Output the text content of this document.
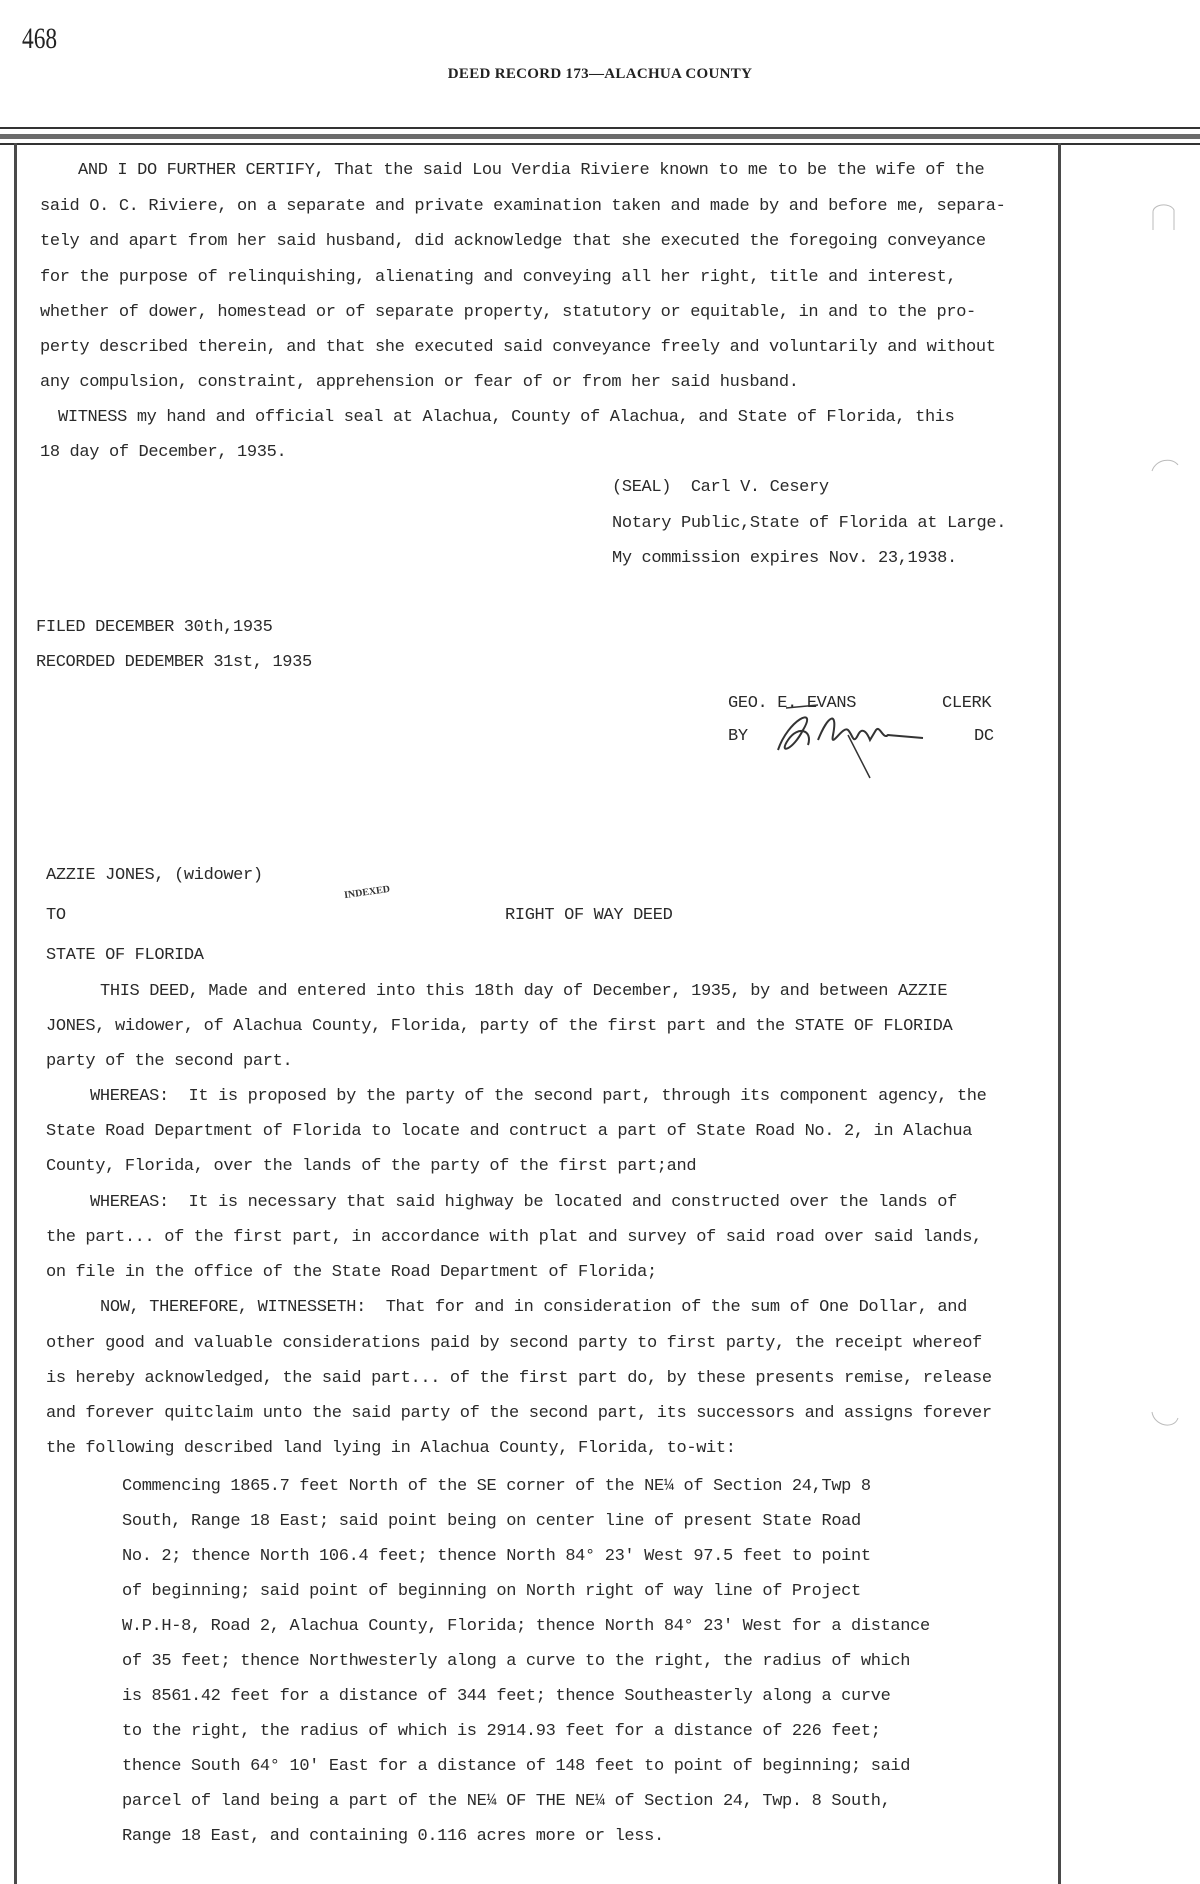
468
DEED RECORD 173—ALACHUA COUNTY
AND I DO FURTHER CERTIFY, That the said Lou Verdia Riviere known to me to be the wife of the
said O. C. Riviere, on a separate and private examination taken and made by and before me, separa-
tely and apart from her said husband, did acknowledge that she executed the foregoing conveyance
for the purpose of relinquishing, alienating and conveying all her right, title and interest,
whether of dower, homestead or of separate property, statutory or equitable, in and to the pro-
perty described therein, and that she executed said conveyance freely and voluntarily and without
any compulsion, constraint, apprehension or fear of or from her said husband.
WITNESS my hand and official seal at Alachua, County of Alachua, and State of Florida, this
18 day of December, 1935.
(SEAL)  Carl V. Cesery
Notary Public,State of Florida at Large.
My commission expires Nov. 23,1938.
FILED DECEMBER 30th,1935
RECORDED DEDEMBER 31st, 1935
GEO. E. EVANS	CLERK
BY	DC
AZZIE JONES, (widower)
INDEXED
TO	RIGHT OF WAY DEED
STATE OF FLORIDA
THIS DEED, Made and entered into this 18th day of December, 1935, by and between AZZIE
JONES, widower, of Alachua County, Florida, party of the first part and the STATE OF FLORIDA
party of the second part.
WHEREAS:  It is proposed by the party of the second part, through its component agency, the
State Road Department of Florida to locate and contruct a part of State Road No. 2, in Alachua
County, Florida, over the lands of the party of the first part;and
WHEREAS:  It is necessary that said highway be located and constructed over the lands of
the part... of the first part, in accordance with plat and survey of said road over said lands,
on file in the office of the State Road Department of Florida;
NOW, THEREFORE, WITNESSETH:  That for and in consideration of the sum of One Dollar, and
other good and valuable considerations paid by second party to first party, the receipt whereof
is hereby acknowledged, the said part... of the first part do, by these presents remise, release
and forever quitclaim unto the said party of the second part, its successors and assigns forever
the following described land lying in Alachua County, Florida, to-wit:
Commencing 1865.7 feet North of the SE corner of the NE¼ of Section 24,Twp 8
South, Range 18 East; said point being on center line of present State Road
No. 2; thence North 106.4 feet; thence North 84° 23' West 97.5 feet to point
of beginning; said point of beginning on North right of way line of Project
W.P.H-8, Road 2, Alachua County, Florida; thence North 84° 23' West for a distance
of 35 feet; thence Northwesterly along a curve to the right, the radius of which
is 8561.42 feet for a distance of 344 feet; thence Southeasterly along a curve
to the right, the radius of which is 2914.93 feet for a distance of 226 feet;
thence South 64° 10' East for a distance of 148 feet to point of beginning; said
parcel of land being a part of the NE¼ OF THE NE¼ of Section 24, Twp. 8 South,
Range 18 East, and containing 0.116 acres more or less.
